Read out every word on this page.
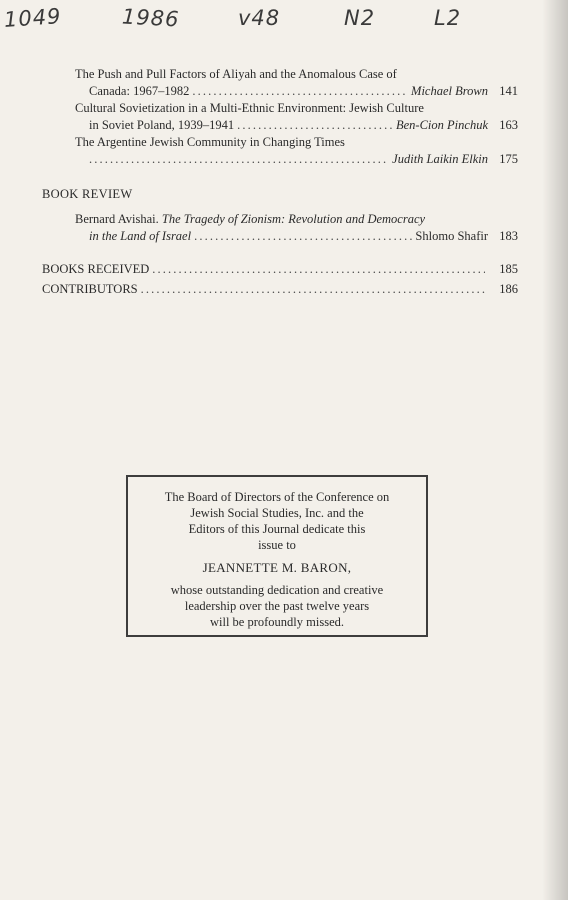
1049	1986	v48	N2	L2
The Push and Pull Factors of Aliyah and the Anomalous Case of
Canada: 1967–1982 . . .	Michael Brown 141
Cultural Sovietization in a Multi-Ethnic Environment: Jewish Culture
in Soviet Poland, 1939–1941 . . .	Ben-Cion Pinchuk 163
The Argentine Jewish Community in Changing Times
. . .
Judith Laikin Elkin 175
BOOK REVIEW
Bernard Avishai.
The Tragedy of Zionism: Revolution and Democracy
in the Land of Israel . . .	Shlomo Shafir 183
BOOKS RECEIVED . . .	185
CONTRIBUTORS . . .	186
The Board of Directors of the Conference on
Jewish Social Studies, Inc. and the
Editors of this Journal dedicate this
issue to
JEANNETTE M. BARON,
whose outstanding dedication and creative
leadership over the past twelve years
will be profoundly missed.
